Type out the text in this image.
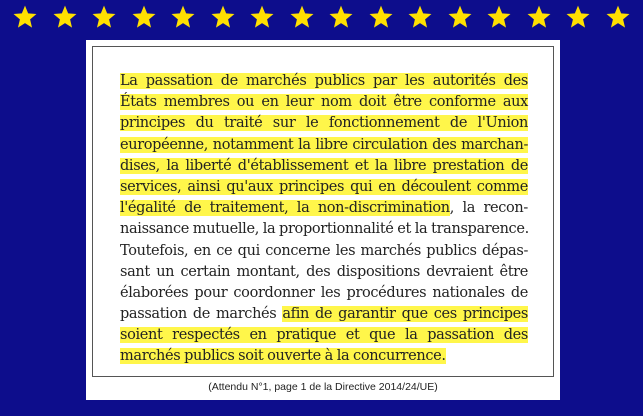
La passation de marchés publics par les autorités des
États membres ou en leur nom doit être conforme aux
principes du traité sur le fonctionnement de l'Union
européenne, notamment la libre circulation des marchan-
dises, la liberté d'établissement et la libre prestation de
services, ainsi qu'aux principes qui en découlent comme
l'égalité de traitement, la non-discrimination, la recon-
naissance mutuelle, la proportionnalité et la transparence.
Toutefois, en ce qui concerne les marchés publics dépas-
sant un certain montant, des dispositions devraient être
élaborées pour coordonner les procédures nationales de
passation de marchés afin de garantir que ces principes
soient respectés en pratique et que la passation des
marchés publics soit ouverte à la concurrence.
(Attendu N°1, page 1 de la Directive 2014/24/UE)
